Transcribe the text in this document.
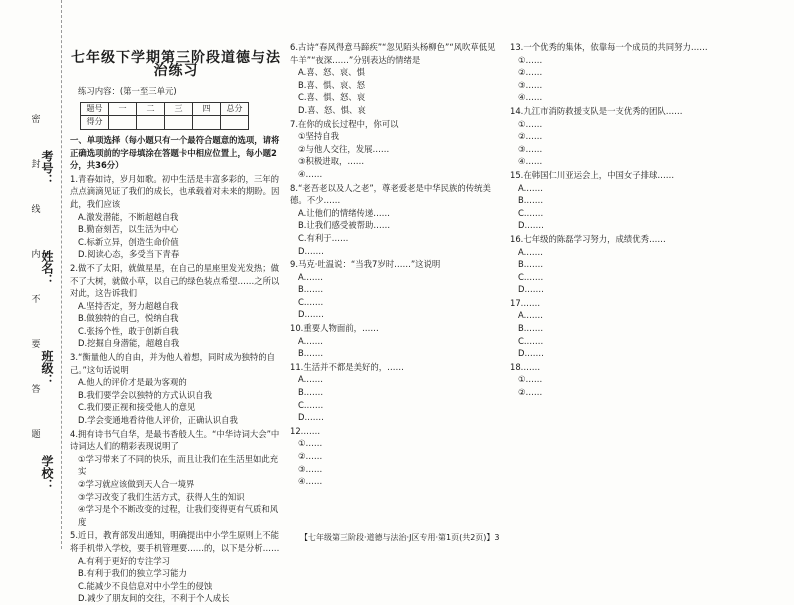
考号：
姓名：
班级：
学校：
密
封
线
内
不
要
答
题
七年级下学期第三阶段道德与法治练习
练习内容：(第一至三单元)
题号	一	二	三	四	总分
得分					
一、单项选择（每小题只有一个最符合题意的选项，请将正确选项前的字母填涂在答题卡中相应位置上，每小题2分，共36分）
1.青春如诗，岁月如歌。初中生活是丰富多彩的，三年的点点滴滴见证了我们的成长，也承载着对未来的期盼。因此，我们应该
A.激发潜能，不断超越自我
B.勤奋刻苦，以生活为中心
C.标新立异，创造生命价值
D.阅读心态，多受当下青春
2.做不了太阳，就做星星，在自己的星座里发光发热；做不了大树，就做小草，以自己的绿色装点希望……之所以对此，这告诉我们
A.坚持否定，努力超越自我
B.做独特的自己，悦纳自我
C.张扬个性，敢于创新自我
D.挖掘自身潜能，超越自我
3.“衡量他人的自由，并为他人着想，同时成为独特的自己。”这句话说明
A.他人的评价才是最为客观的
B.我们要学会以独特的方式认识自我
C.我们要正视和接受他人的意见
D.学会变通地看待他人评价，正确认识自我
4.拥有诗书气自华，是最书香般人生。“中华诗词大会”中诗词达人们的精彩表现说明了
①学习带来了不同的快乐，而且让我们在生活里如此充实
②学习就应该做到天人合一境界
③学习改变了我们生活方式，获得人生的知识
④学习是个不断改变的过程，让我们变得更有气质和风度
5.近日，教育部发出通知，明确提出中小学生原则上不能将手机带入学校，要手机管理要……的，以下是分析……
A.有利于更好的专注学习
B.有利于我们的独立学习能力
C.能减少不良信息对中小学生的侵蚀
D.减少了朋友间的交往，不利于个人成长
6.古诗“春风得意马蹄疾”“忽见陌头杨柳色”“风吹草低见牛羊”“夜深……”分别表达的情绪是
A.喜、怒、哀、惧
B.喜、惧、哀、怒
C.喜、惧、怒、哀
D.喜、怒、惧、哀
7.在你的成长过程中，你可以
①坚持自我
②与他人交往，发展……
③积极进取，……
④……
8.“老吾老以及人之老”，尊老爱老是中华民族的传统美德。不少……
A.让他们的情绪传递……
B.让我们感受被帮助……
C.有利于……
D.……
9.马克·吐温说：“当我7岁时……”这说明
A.……
B.……
C.……
D.……
10.重要人物面前，……
A.……
B.……
11.生活并不都是美好的，……
A.……
B.……
C.……
D.……
12.……
①……
②……
③……
④……
13.一个优秀的集体，依靠每一个成员的共同努力……
①……
②……
③……
④……
14.九江市消防救援支队是一支优秀的团队……
①……
②……
③……
④……
15.在韩国仁川亚运会上，中国女子排球……
A.……
B.……
C.……
D.……
16.七年级的陈磊学习努力，成绩优秀……
A.……
B.……
C.……
D.……
17.……
A.……
B.……
C.……
D.……
18.……
①……
②……
【七年级第三阶段·道德与法治·J区专用·第1页(共2页)】3
